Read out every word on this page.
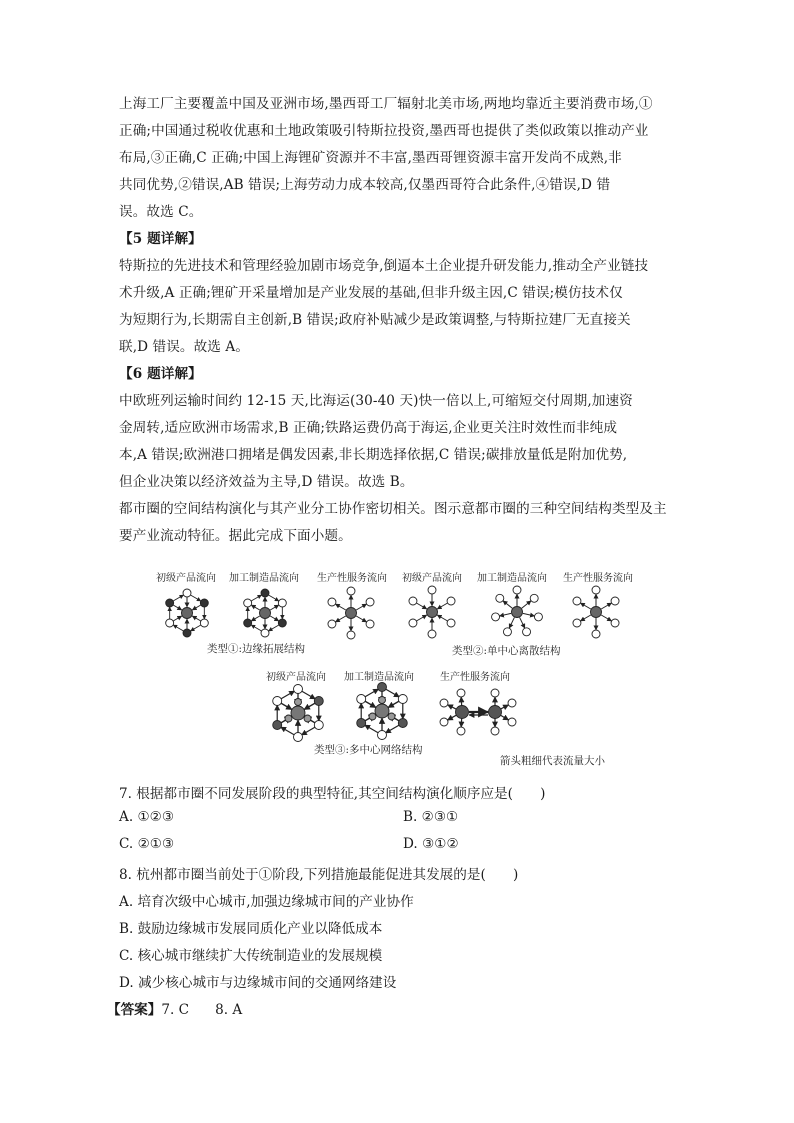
上海工厂主要覆盖中国及亚洲市场,墨西哥工厂辐射北美市场,两地均靠近主要消费市场,①
正确;中国通过税收优惠和土地政策吸引特斯拉投资,墨西哥也提供了类似政策以推动产业
布局,③正确,C 正确;中国上海锂矿资源并不丰富,墨西哥锂资源丰富开发尚不成熟,非
共同优势,②错误,AB 错误;上海劳动力成本较高,仅墨西哥符合此条件,④错误,D 错
误。故选 C。
【5 题详解】
特斯拉的先进技术和管理经验加剧市场竞争,倒逼本土企业提升研发能力,推动全产业链技
术升级,A 正确;锂矿开采量增加是产业发展的基础,但非升级主因,C 错误;模仿技术仅
为短期行为,长期需自主创新,B 错误;政府补贴减少是政策调整,与特斯拉建厂无直接关
联,D 错误。故选 A。
【6 题详解】
中欧班列运输时间约 12-15 天,比海运(30-40 天)快一倍以上,可缩短交付周期,加速资
金周转,适应欧洲市场需求,B 正确;铁路运费仍高于海运,企业更关注时效性而非纯成
本,A 错误;欧洲港口拥堵是偶发因素,非长期选择依据,C 错误;碳排放量低是附加优势,
但企业决策以经济效益为主导,D 错误。故选 B。
都市圈的空间结构演化与其产业分工协作密切相关。图示意都市圈的三种空间结构类型及主
要产业流动特征。据此完成下面小题。
初级产品流向 加工制造品流向 生产性服务流向 初级产品流向 加工制造品流向 生产性服务流向
类型①:边缘拓展结构	类型②:单中心离散结构
初级产品流向 加工制造品流向	生产性服务流向
类型③:多中心网络结构
箭头粗细代表流量大小
7. 根据都市圈不同发展阶段的典型特征,其空间结构演化顺序应是(　　)
A. ①②③	B. ②③①
C. ②①③	D. ③①②
8. 杭州都市圈当前处于①阶段,下列措施最能促进其发展的是(　　)
A. 培育次级中心城市,加强边缘城市间的产业协作
B. 鼓励边缘城市发展同质化产业以降低成本
C. 核心城市继续扩大传统制造业的发展规模
D. 减少核心城市与边缘城市间的交通网络建设
【答案】7. C 8. A
